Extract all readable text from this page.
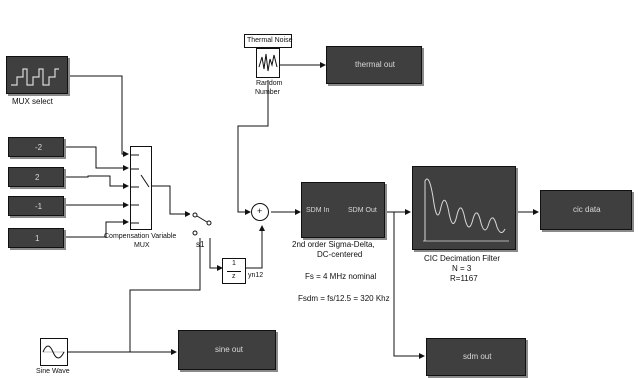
MUX select
-2
2
-1
1	Compensation Variable
MUX	s1
1
z yn12
+
Thermal Noise
Random
Number
thermal out
SDM In	SDM Out
2nd order Sigma-Delta,
DC-centered
Fs = 4 MHz nominal
Fsdm = fs/12.5 = 320 Khz
CIC Decimation Filter
N = 3
R=1167
cic data
sdm out
Sine Wave
sine out
